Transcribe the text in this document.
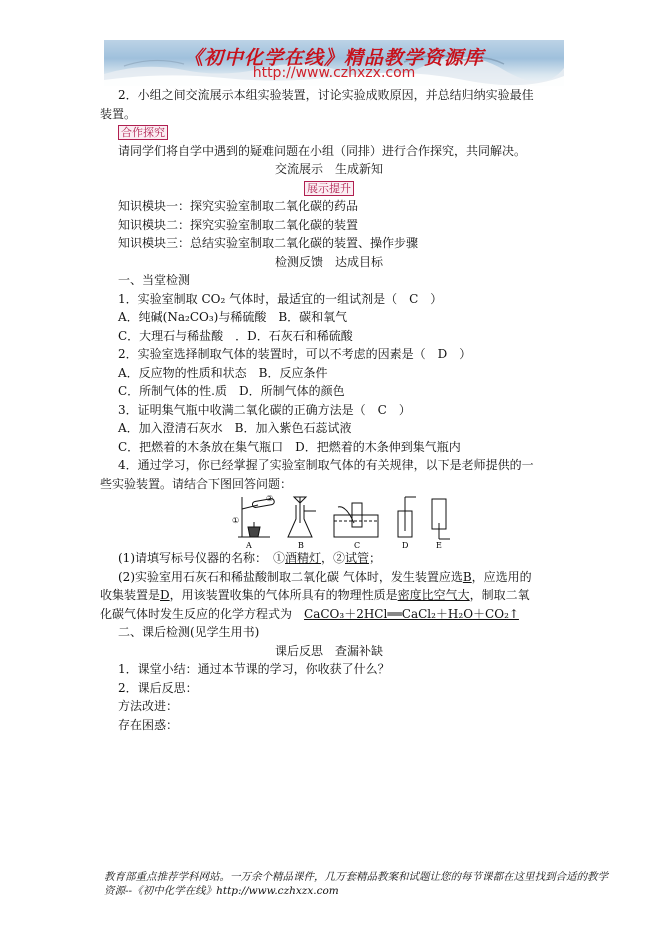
《初中化学在线》精品教学资源库
http://www.czhxzx.com
2．小组之间交流展示本组实验装置，讨论实验成败原因，并总结归纳实验最佳
装置。
合作探究
请同学们将自学中遇到的疑难问题在小组（同排）进行合作探究，共同解决。
交流展示　生成新知
展示提升
知识模块一：探究实验室制取二氧化碳的药品
知识模块二：探究实验室制取二氧化碳的装置
知识模块三：总结实验室制取二氧化碳的装置、操作步骤
检测反馈　达成目标
一、当堂检测
1．实验室制取 CO₂ 气体时，最适宜的一组试剂是（　C　）
A．纯碱(Na₂CO₃)与稀硫酸　B．碳和氧气
C．大理石与稀盐酸　．D．石灰石和稀硫酸
2．实验室选择制取气体的装置时，可以不考虑的因素是（　D　）
A．反应物的性质和状态　B．反应条件
C．所制气体的性.质　D．所制气体的颜色
3．证明集气瓶中收满二氧化碳的正确方法是（　C　）
A．加入澄清石灰水　B．加入紫色石蕊试液
C．把燃着的木条放在集气瓶口　D．把燃着的木条伸到集气瓶内
4．通过学习，你已经掌握了实验室制取气体的有关规律，以下是老师提供的一
些实验装置。请结合下图回答问题：
A	B	C	D	E
①
②
(1)请填写标号仪器的名称：　①酒精灯，②试管；
(2)实验室用石灰石和稀盐酸制取二氧化碳 气体时，发生装置应选B，应选用的
收集装置是D，用该装置收集的气体所具有的物理性质是密度比空气大，制取二氧
化碳气体时发生反应的化学方程式为　 CaCO₃＋2HCl══CaCl₂＋H₂O＋CO₂↑
二、课后检测(见学生用书)
课后反思　查漏补缺
1．课堂小结：通过本节课的学习，你收获了什么？
2．课后反思：
方法改进：
存在困惑：
教育部重点推荐学科网站。一万余个精品课件，几万套精品教案和试题让您的每节课都在这里找到合适的教学
资源--《初中化学在线》http://www.czhxzx.com
